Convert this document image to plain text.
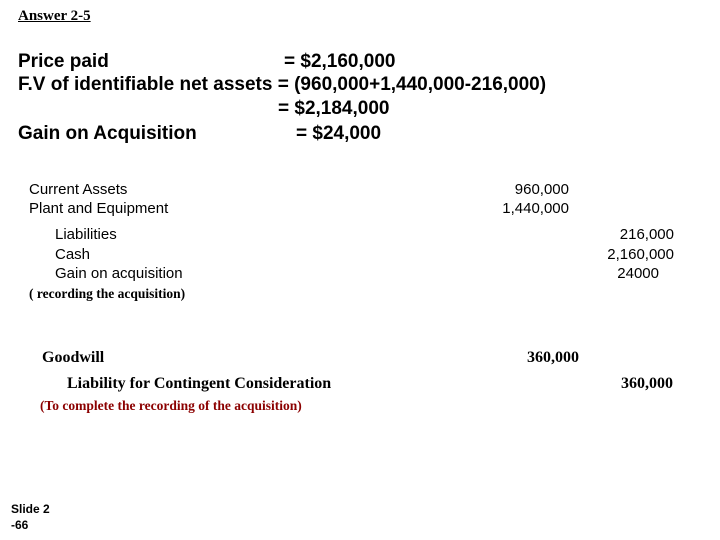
Answer 2-5
Price paid	= $2,160,000
F.V of identifiable net assets = (960,000+1,440,000-216,000)
= $2,184,000
Gain on Acquisition	= $24,000
Current Assets	960,000
Plant and Equipment	1,440,000
Liabilities	216,000
Cash	2,160,000
Gain on acquisition	24000
( recording the acquisition)
Goodwill	360,000
Liability for Contingent Consideration	360,000
(To complete the recording of the acquisition)
Slide 2
-66
